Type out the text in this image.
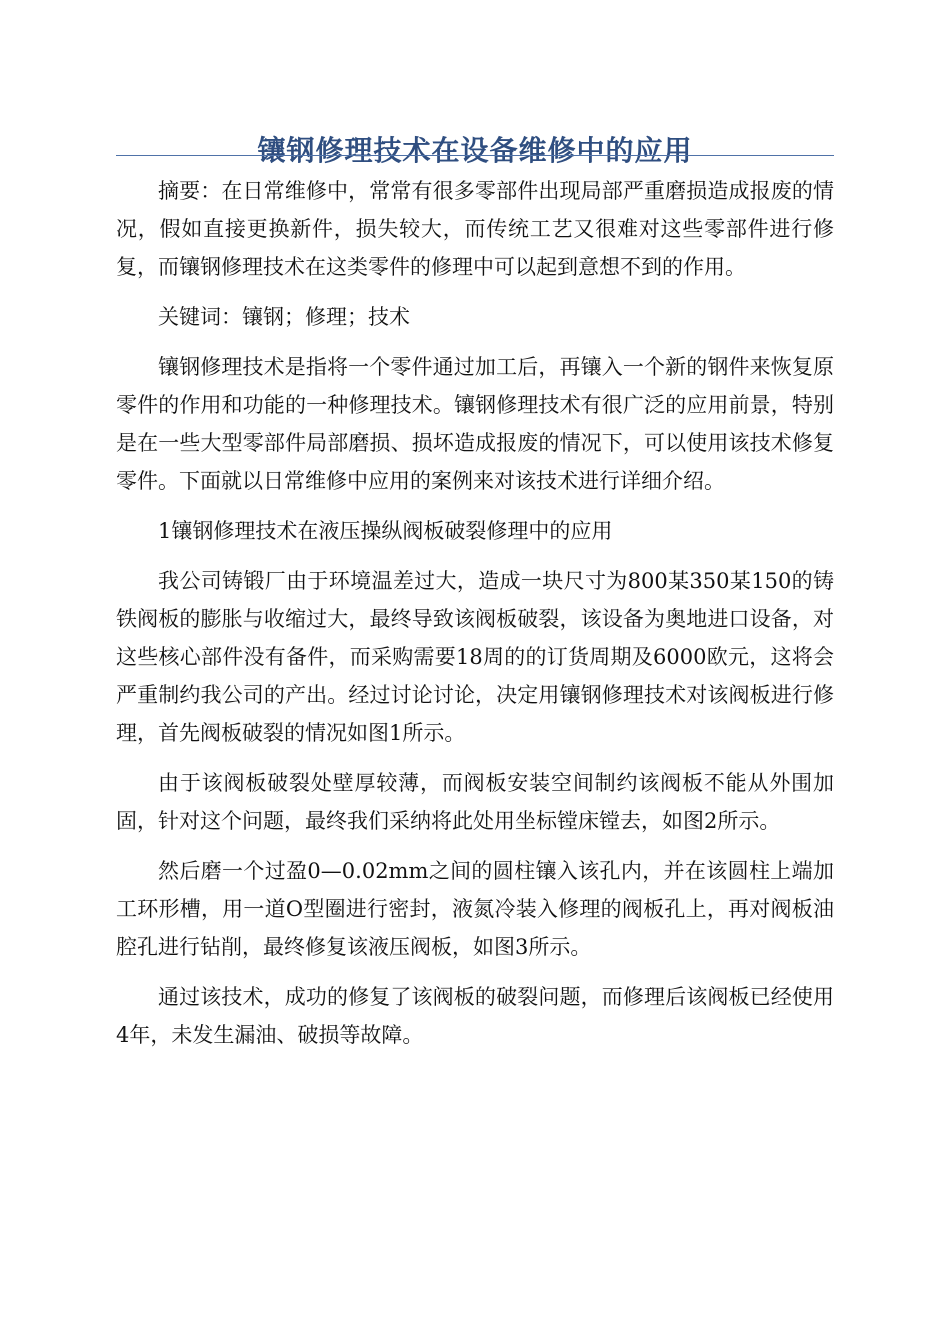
镶钢修理技术在设备维修中的应用

摘要：在日常维修中，常常有很多零部件出现局部严重磨损造成报废的情况，假如直接更换新件，损失较大，而传统工艺又很难对这些零部件进行修复，而镶钢修理技术在这类零件的修理中可以起到意想不到的作用。

关键词：镶钢；修理；技术

镶钢修理技术是指将一个零件通过加工后，再镶入一个新的钢件来恢复原零件的作用和功能的一种修理技术。镶钢修理技术有很广泛的应用前景，特别是在一些大型零部件局部磨损、损坏造成报废的情况下，可以使用该技术修复零件。下面就以日常维修中应用的案例来对该技术进行详细介绍。

1镶钢修理技术在液压操纵阀板破裂修理中的应用

我公司铸锻厂由于环境温差过大，造成一块尺寸为800某350某150的铸铁阀板的膨胀与收缩过大，最终导致该阀板破裂，该设备为奥地进口设备，对这些核心部件没有备件，而采购需要18周的的订货周期及6000欧元，这将会严重制约我公司的产出。经过讨论讨论，决定用镶钢修理技术对该阀板进行修理，首先阀板破裂的情况如图1所示。

由于该阀板破裂处壁厚较薄，而阀板安装空间制约该阀板不能从外围加固，针对这个问题，最终我们采纳将此处用坐标镗床镗去，如图2所示。

然后磨一个过盈0—0.02mm之间的圆柱镶入该孔内，并在该圆柱上端加工环形槽，用一道O型圈进行密封，液氮冷装入修理的阀板孔上，再对阀板油腔孔进行钻削，最终修复该液压阀板，如图3所示。

通过该技术，成功的修复了该阀板的破裂问题，而修理后该阀板已经使用4年，未发生漏油、破损等故障。
